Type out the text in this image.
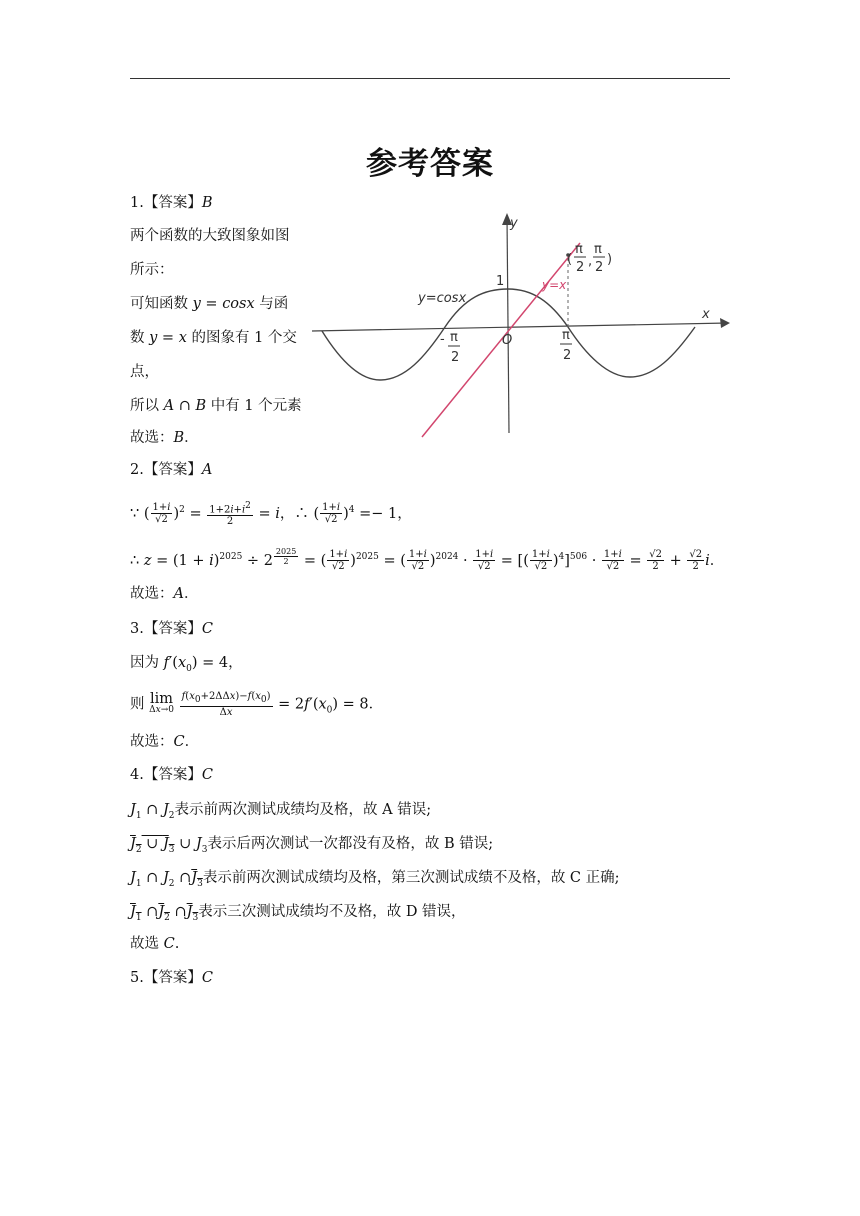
参考答案
1.【答案】B
两个函数的大致图象如图
所示：
可知函数 y = cosx 与函
数 y = x 的图象有 1 个交
点，
所以 A ∩ B 中有 1 个元素
故选：B．
y
x
O
1
y=cosx
y=x
(
π
2 ,
π
2
)
- π
2
π
2
2.【答案】A
∵ ( $\frac{1+i}{√2} )^2 = \frac{1+2i+i^2}{2} = i$，∴ ( $\frac{1+i}{√2} )^4 =- 1$，
∴ $z = (1 + i)^{2025} \div 2$ $^{\frac{2025}{2}}$ = ( $\frac{1+i}{√2} )^{2025}$ = ( $\frac{1+i}{√2} )^{2024} \cdot \frac{1+i}{√2}$ = [( $\frac{1+i}{√2} )^4]^{506} \cdot \frac{1+i}{√2} = \frac{√2}{2} + \frac{√2}{2}$ i．
故选：A．
3.【答案】C
因为 $f'(x_0) = 4$，
则 lim
Δx→0
$\frac{f(x_0+2\Delta\Delta x)-f(x_0)}{\Delta x} = 2f'(x_0) = 8$．
故选：C．
4.【答案】C
$J_1$ ∩ $J_2$表示前两次测试成绩均及格，故 A 错误;
$J_2$ ∪ $J_3$ ∪ $J_3$表示后两次测试一次都没有及格，故 B 错误;
$J_1$ ∩ $J_2$ $\cap J_3$表示前两次测试成绩均及格，第三次测试成绩不及格，故 C 正确;
$J_1$ $\cap J_2$ $\cap J_3$表示三次测试成绩均不及格，故 D 错误，
故选 C.
5.【答案】C
